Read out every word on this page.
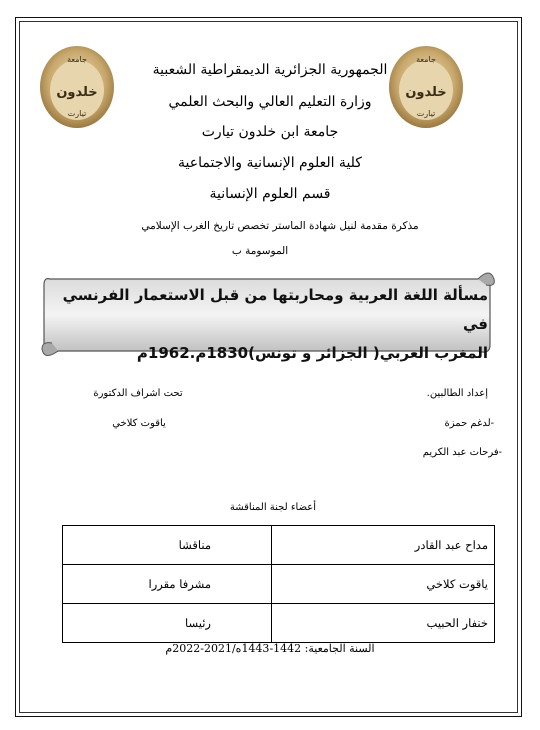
جامعة
خلدون
تيارت
جامعة
خلدون
تيارت
الجمهورية الجزائرية الديمقراطية الشعبية
وزارة التعليم العالي والبحث العلمي
جامعة ابن خلدون تيارت
كلية العلوم الإنسانية والاجتماعية
قسم العلوم الإنسانية
مذكرة مقدمة لنيل شهادة الماستر تخصص تاريخ الغرب الإسلامي
الموسومة ب
مسألة اللغة العربية ومحاربتها من قبل الاستعمار الفرنسي في
المغرب العربي( الجزائر و تونس)1830م.1962م
إعداد الطالبين.
-لدغم حمزة
-فرحات عبد الكريم
تحت اشراف الدكتورة
ياقوت كلاخي
أعضاء لجنة المناقشة
مداح عبد القادر	مناقشا
ياقوت كلاخي	مشرفا مقررا
خنفار الحبيب	رئيسا
السنة الجامعية: 1442-1443ه/2021-2022م
